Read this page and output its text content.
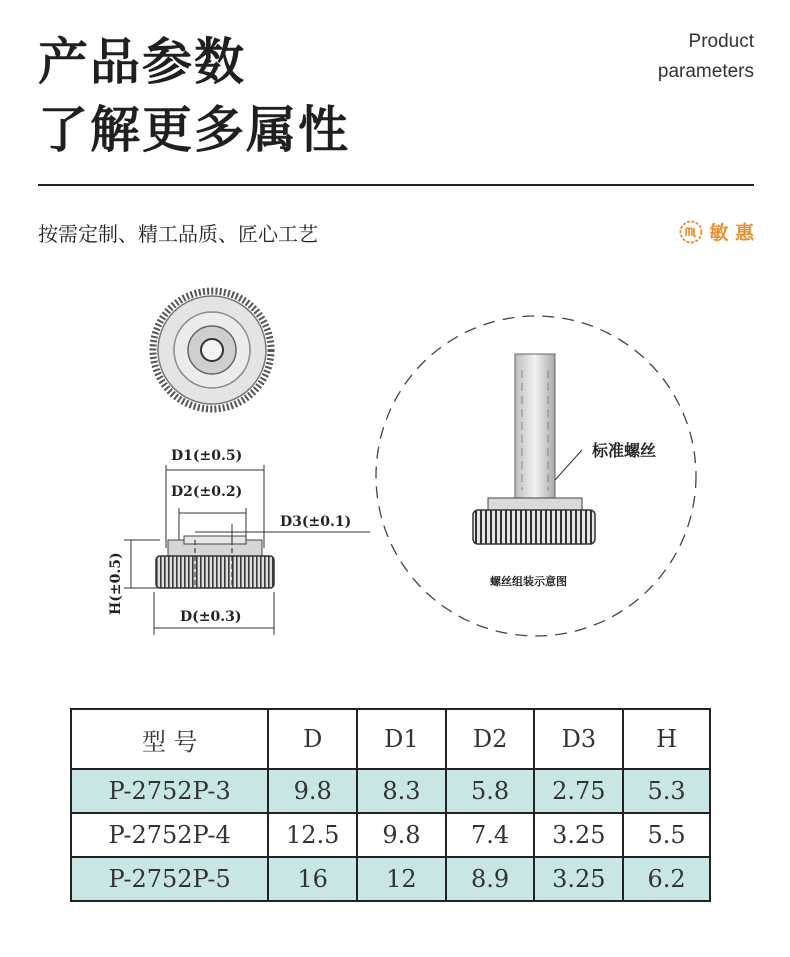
产品参数
了解更多属性
Product
parameters
按需定制、精工品质、匠心工艺	敏 惠
D1(±0.5)
D2(±0.2)
D3(±0.1)
H(±0.5)
D(±0.3)
标准螺丝
螺丝组装示意图
型 号	D	D1	D2	D3	H
P-2752P-3	9.8	8.3	5.8	2.75	5.3
P-2752P-4	12.5	9.8	7.4	3.25	5.5
P-2752P-5	16	12	8.9	3.25	6.2
